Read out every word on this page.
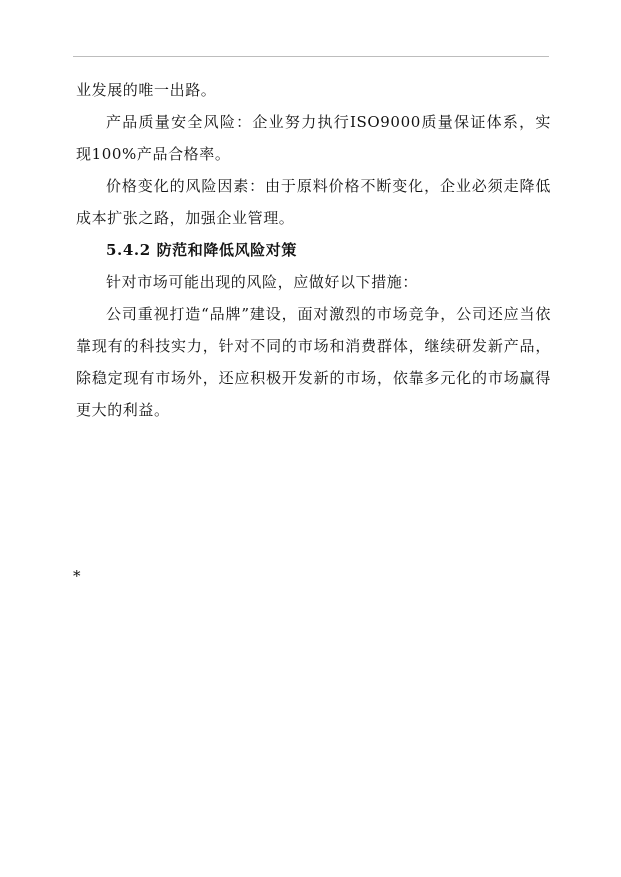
业发展的唯一出路。

产品质量安全风险：企业努力执行ISO9000质量保证体系，实现100%产品合格率。

价格变化的风险因素：由于原料价格不断变化，企业必须走降低成本扩张之路，加强企业管理。

5.4.2 防范和降低风险对策

针对市场可能出现的风险，应做好以下措施：

公司重视打造“品牌”建设，面对激烈的市场竞争，公司还应当依靠现有的科技实力，针对不同的市场和消费群体，继续研发新产品，除稳定现有市场外，还应积极开发新的市场，依靠多元化的市场赢得更大的利益。

*
